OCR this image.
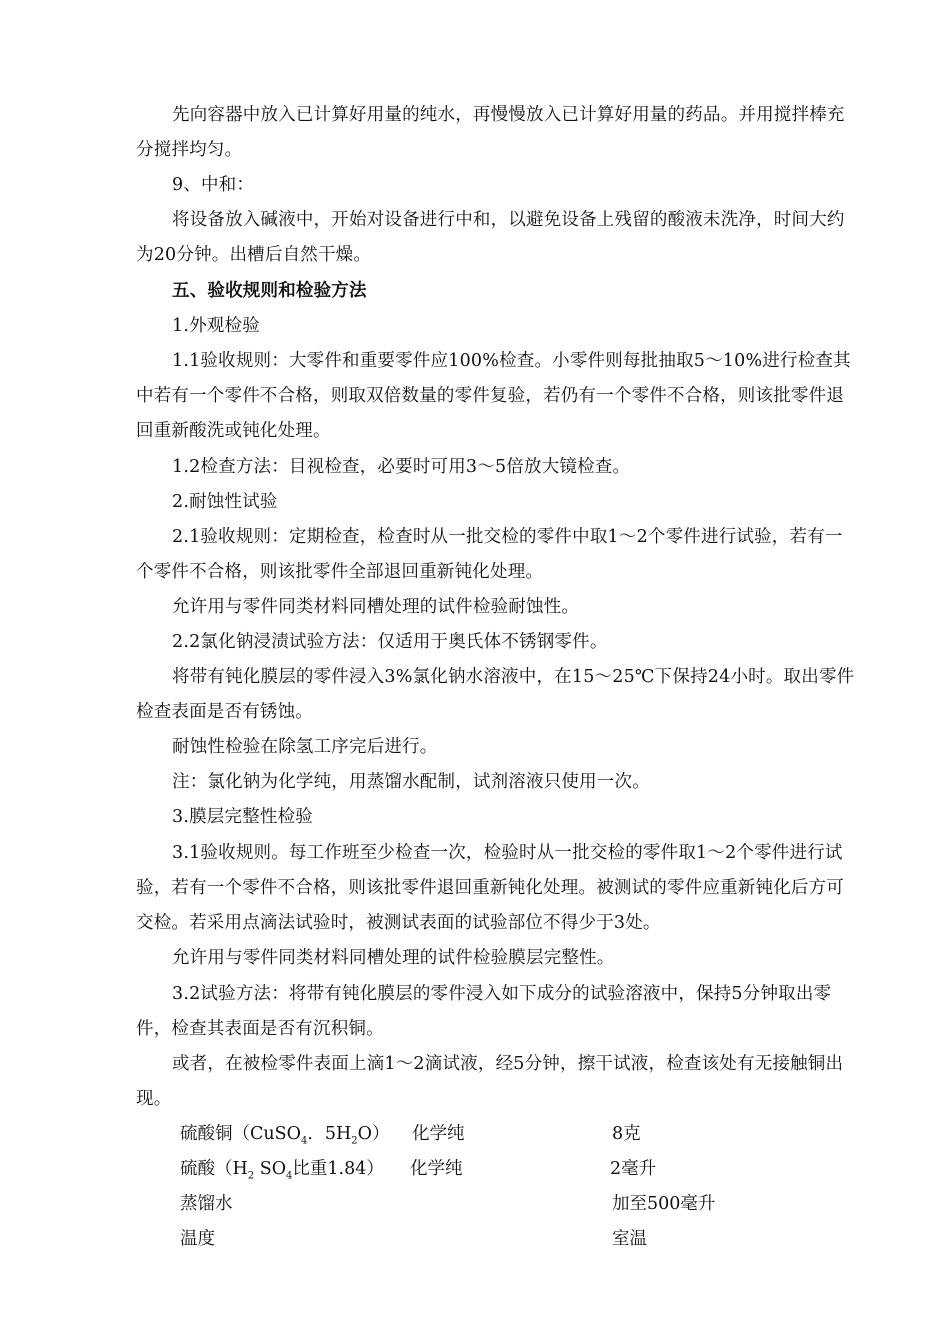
先向容器中放入已计算好用量的纯水，再慢慢放入已计算好用量的药品。并用搅拌棒充分搅拌均匀。

9、中和：

将设备放入碱液中，开始对设备进行中和，以避免设备上残留的酸液未洗净，时间大约为20分钟。出槽后自然干燥。

五、验收规则和检验方法

1.外观检验

1.1验收规则：大零件和重要零件应100%检查。小零件则每批抽取5～10%进行检查其中若有一个零件不合格，则取双倍数量的零件复验，若仍有一个零件不合格，则该批零件退回重新酸洗或钝化处理。

1.2检查方法：目视检查，必要时可用3～5倍放大镜检查。

2.耐蚀性试验

2.1验收规则：定期检查，检查时从一批交检的零件中取1～2个零件进行试验，若有一个零件不合格，则该批零件全部退回重新钝化处理。

允许用与零件同类材料同槽处理的试件检验耐蚀性。

2.2氯化钠浸渍试验方法：仅适用于奥氏体不锈钢零件。

将带有钝化膜层的零件浸入3%氯化钠水溶液中，在15～25℃下保持24小时。取出零件检查表面是否有锈蚀。

耐蚀性检验在除氢工序完后进行。

注：氯化钠为化学纯，用蒸馏水配制，试剂溶液只使用一次。

3.膜层完整性检验

3.1验收规则。每工作班至少检查一次，检验时从一批交检的零件取1～2个零件进行试验，若有一个零件不合格，则该批零件退回重新钝化处理。被测试的零件应重新钝化后方可交检。若采用点滴法试验时，被测试表面的试验部位不得少于3处。

允许用与零件同类材料同槽处理的试件检验膜层完整性。

3.2试验方法：将带有钝化膜层的零件浸入如下成分的试验溶液中，保持5分钟取出零件，检查其表面是否有沉积铜。

或者，在被检零件表面上滴1～2滴试液，经5分钟，擦干试液，检查该处有无接触铜出现。

硫酸铜（CuSO$_4$．$5H_2O$） 化学纯	8克

硫酸（$H_2$ $SO_4$比重1.84） 化学纯	2毫升

蒸馏水	加至500毫升

温度	室温
